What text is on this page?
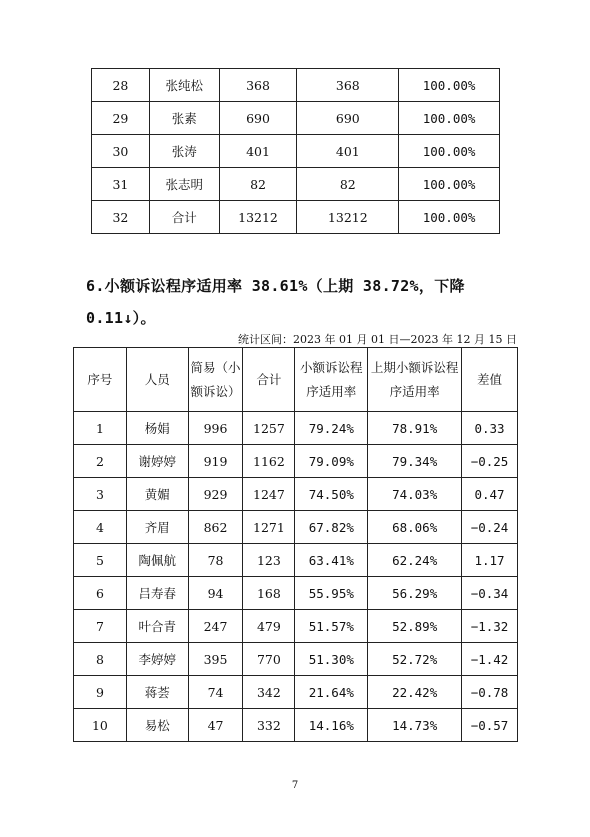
28	张纯松	368	368	100.00%
29	张素	690	690	100.00%
30	张涛	401	401	100.00%
31	张志明	82	82	100.00%
32	合计	13212	13212	100.00%
6.小额诉讼程序适用率 38.61%（上期 38.72%，下降 0.11↓）。
统计区间：2023 年 01 月 01 日—2023 年 12 月 15 日
序号	人员	简易（小额诉讼）	合计	小额诉讼程序适用率	上期小额诉讼程序适用率	差值
1	杨娟	996	1257	79.24%	78.91%	0.33
2	谢婷婷	919	1162	79.09%	79.34%	−0.25
3	黄媚	929	1247	74.50%	74.03%	0.47
4	齐眉	862	1271	67.82%	68.06%	−0.24
5	陶佩航	78	123	63.41%	62.24%	1.17
6	吕寿春	94	168	55.95%	56.29%	−0.34
7	叶合青	247	479	51.57%	52.89%	−1.32
8	李婷婷	395	770	51.30%	52.72%	−1.42
9	蒋荟	74	342	21.64%	22.42%	−0.78
10	易松	47	332	14.16%	14.73%	−0.57
7
